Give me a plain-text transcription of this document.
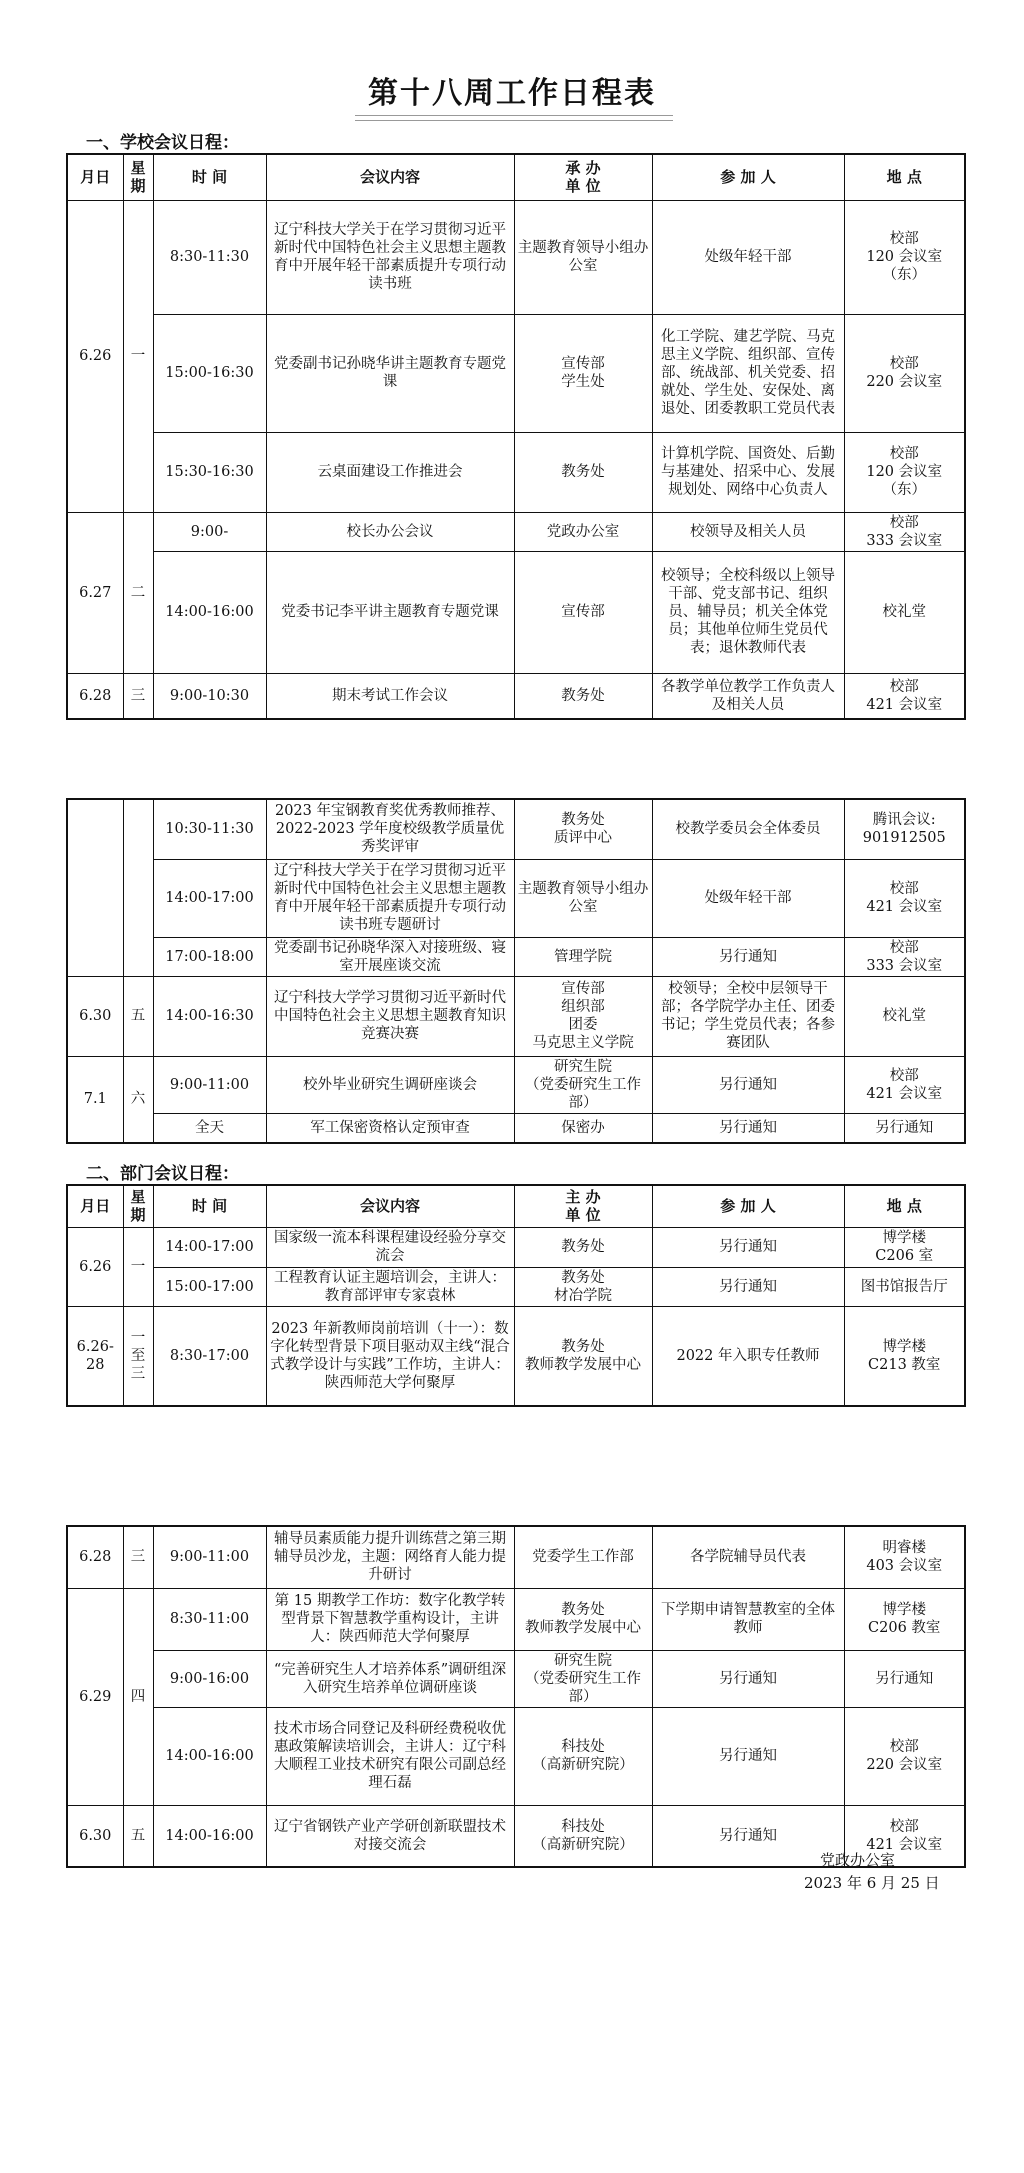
第十八周工作日程表
一、学校会议日程：
月日	星期	时 间	会议内容	承 办
单 位	参 加 人	地 点
6.26	一	8:30-11:30	辽宁科技大学关于在学习贯彻习近平新时代中国特色社会主义思想主题教育中开展年轻干部素质提升专项行动读书班	主题教育领导小组办公室	处级年轻干部	校部
120 会议室
（东）
		15:00-16:30	党委副书记孙晓华讲主题教育专题党课	宣传部
学生处	化工学院、建艺学院、马克思主义学院、组织部、宣传部、统战部、机关党委、招就处、学生处、安保处、离退处、团委教职工党员代表	校部
220 会议室
		15:30-16:30	云桌面建设工作推进会	教务处	计算机学院、国资处、后勤与基建处、招采中心、发展规划处、网络中心负责人	校部
120 会议室
（东）
6.27	二	9:00-	校长办公会议	党政办公室	校领导及相关人员	校部
333 会议室
		14:00-16:00	党委书记李平讲主题教育专题党课	宣传部	校领导；全校科级以上领导干部、党支部书记、组织员、辅导员；机关全体党员；其他单位师生党员代表；退休教师代表	校礼堂
6.28	三	9:00-10:30	期末考试工作会议	教务处	各教学单位教学工作负责人及相关人员	校部
421 会议室
		10:30-11:30	2023 年宝钢教育奖优秀教师推荐、2022-2023 学年度校级教学质量优秀奖评审	教务处
质评中心	校教学委员会全体委员	腾讯会议:
901912505
		14:00-17:00	辽宁科技大学关于在学习贯彻习近平新时代中国特色社会主义思想主题教育中开展年轻干部素质提升专项行动读书班专题研讨	主题教育领导小组办公室	处级年轻干部	校部
421 会议室
		17:00-18:00	党委副书记孙晓华深入对接班级、寝室开展座谈交流	管理学院	另行通知	校部
333 会议室
6.30	五	14:00-16:30	辽宁科技大学学习贯彻习近平新时代中国特色社会主义思想主题教育知识竞赛决赛	宣传部
组织部
团委
马克思主义学院	校领导；全校中层领导干部；各学院学办主任、团委书记；学生党员代表；各参赛团队	校礼堂
7.1	六	9:00-11:00	校外毕业研究生调研座谈会	研究生院
（党委研究生工作部）	另行通知	校部
421 会议室
		全天	军工保密资格认定预审查	保密办	另行通知	另行通知
二、部门会议日程：
月日	星期	时 间	会议内容	主 办
单 位	参 加 人	地 点
6.26	一	14:00-17:00	国家级一流本科课程建设经验分享交流会	教务处	另行通知	博学楼
C206 室
		15:00-17:00	工程教育认证主题培训会，主讲人：教育部评审专家袁林	教务处
材冶学院	另行通知	图书馆报告厅
6.26-
28	一
至
三	8:30-17:00	2023 年新教师岗前培训（十一）：数字化转型背景下项目驱动双主线“混合式教学设计与实践”工作坊，主讲人：陕西师范大学何聚厚	教务处
教师教学发展中心	2022 年入职专任教师	博学楼
C213 教室
6.28	三	9:00-11:00	辅导员素质能力提升训练营之第三期辅导员沙龙，主题：网络育人能力提升研讨	党委学生工作部	各学院辅导员代表	明睿楼
403 会议室
6.29	四	8:30-11:00	第 15 期教学工作坊：数字化教学转型背景下智慧教学重构设计，主讲人：陕西师范大学何聚厚	教务处
教师教学发展中心	下学期申请智慧教室的全体教师	博学楼
C206 教室
		9:00-16:00	“完善研究生人才培养体系”调研组深入研究生培养单位调研座谈	研究生院
（党委研究生工作部）	另行通知	另行通知
		14:00-16:00	技术市场合同登记及科研经费税收优惠政策解读培训会，主讲人：辽宁科大顺程工业技术研究有限公司副总经理石磊	科技处
（高新研究院）	另行通知	校部
220 会议室
6.30	五	14:00-16:00	辽宁省钢铁产业产学研创新联盟技术对接交流会	科技处
（高新研究院）	另行通知	校部
421 会议室
党政办公室
2023 年 6 月 25 日
